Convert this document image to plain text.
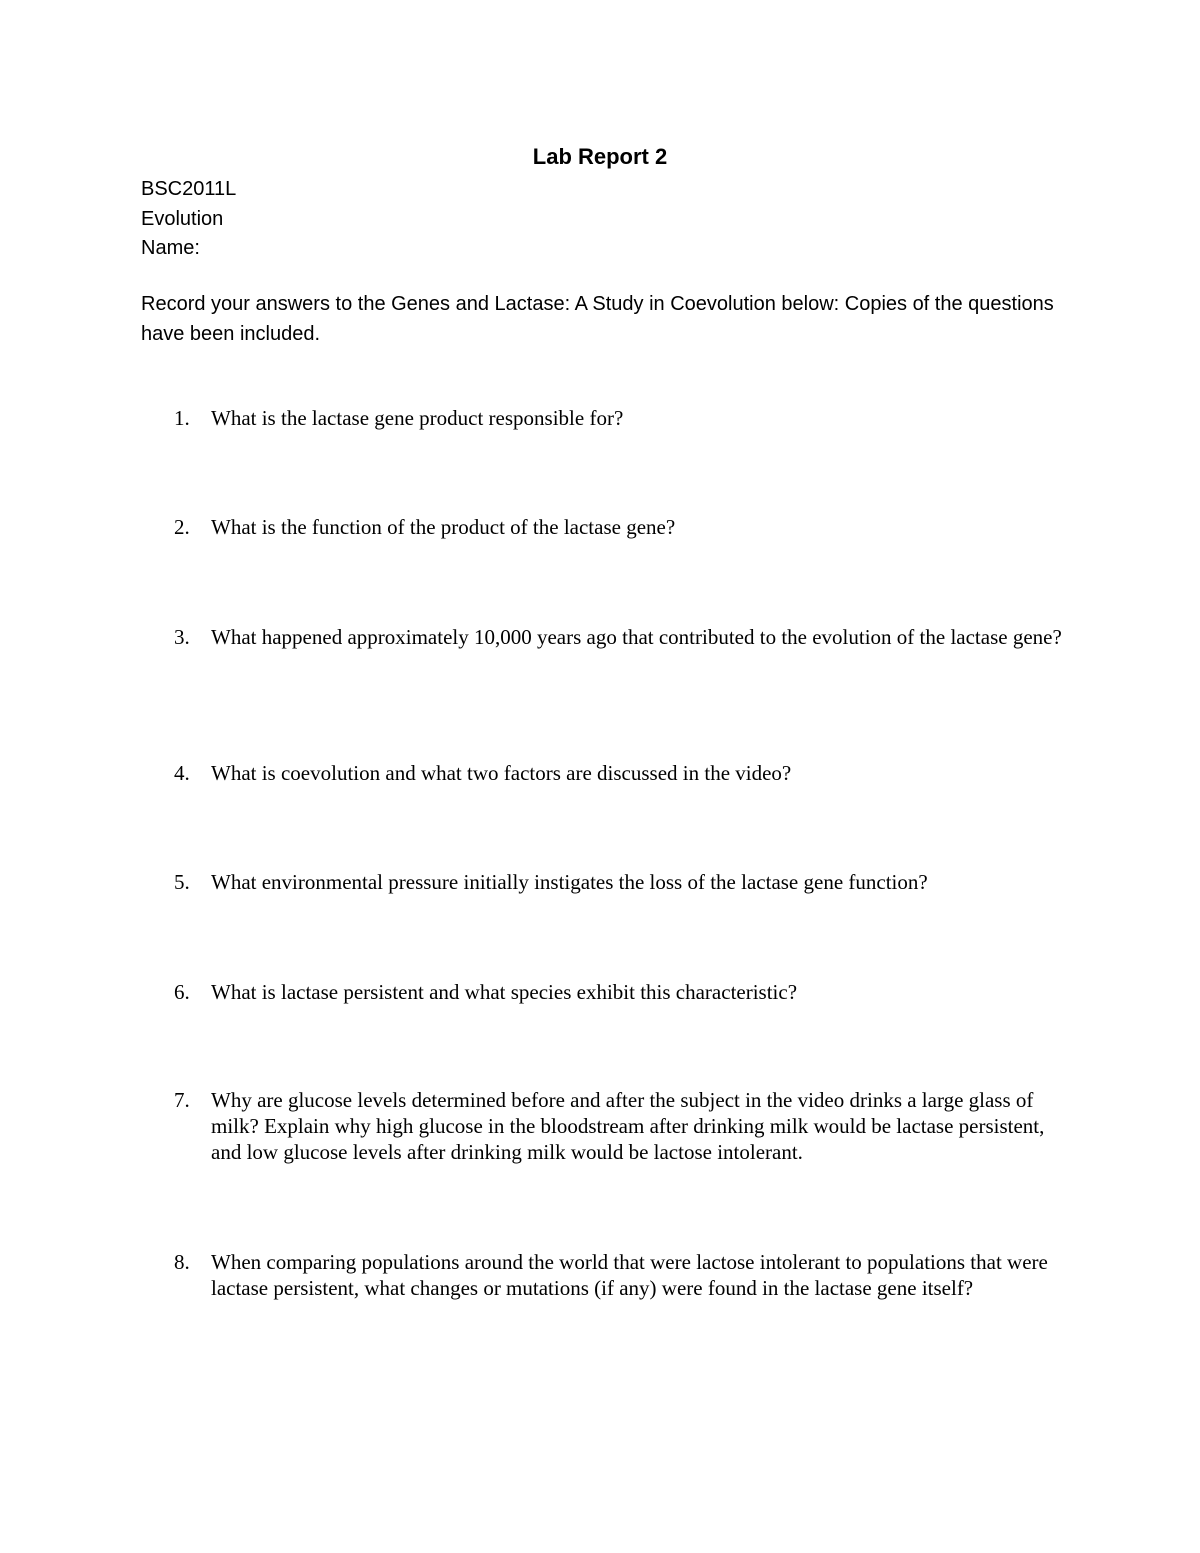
Lab Report 2
BSC2011L
Evolution
Name:
Record your answers to the Genes and Lactase: A Study in Coevolution below: Copies of the questions have been included.
1.	What is the lactase gene product responsible for?
2.	What is the function of the product of the lactase gene?
3.	What happened approximately 10,000 years ago that contributed to the evolution of the lactase gene?
4.	What is coevolution and what two factors are discussed in the video?
5.	What environmental pressure initially instigates the loss of the lactase gene function?
6.	What is lactase persistent and what species exhibit this characteristic?
7.	Why are glucose levels determined before and after the subject in the video drinks a large glass of milk? Explain why high glucose in the bloodstream after drinking milk would be lactase persistent, and low glucose levels after drinking milk would be lactose intolerant.
8.	When comparing populations around the world that were lactose intolerant to populations that were lactase persistent, what changes or mutations (if any) were found in the lactase gene itself?
